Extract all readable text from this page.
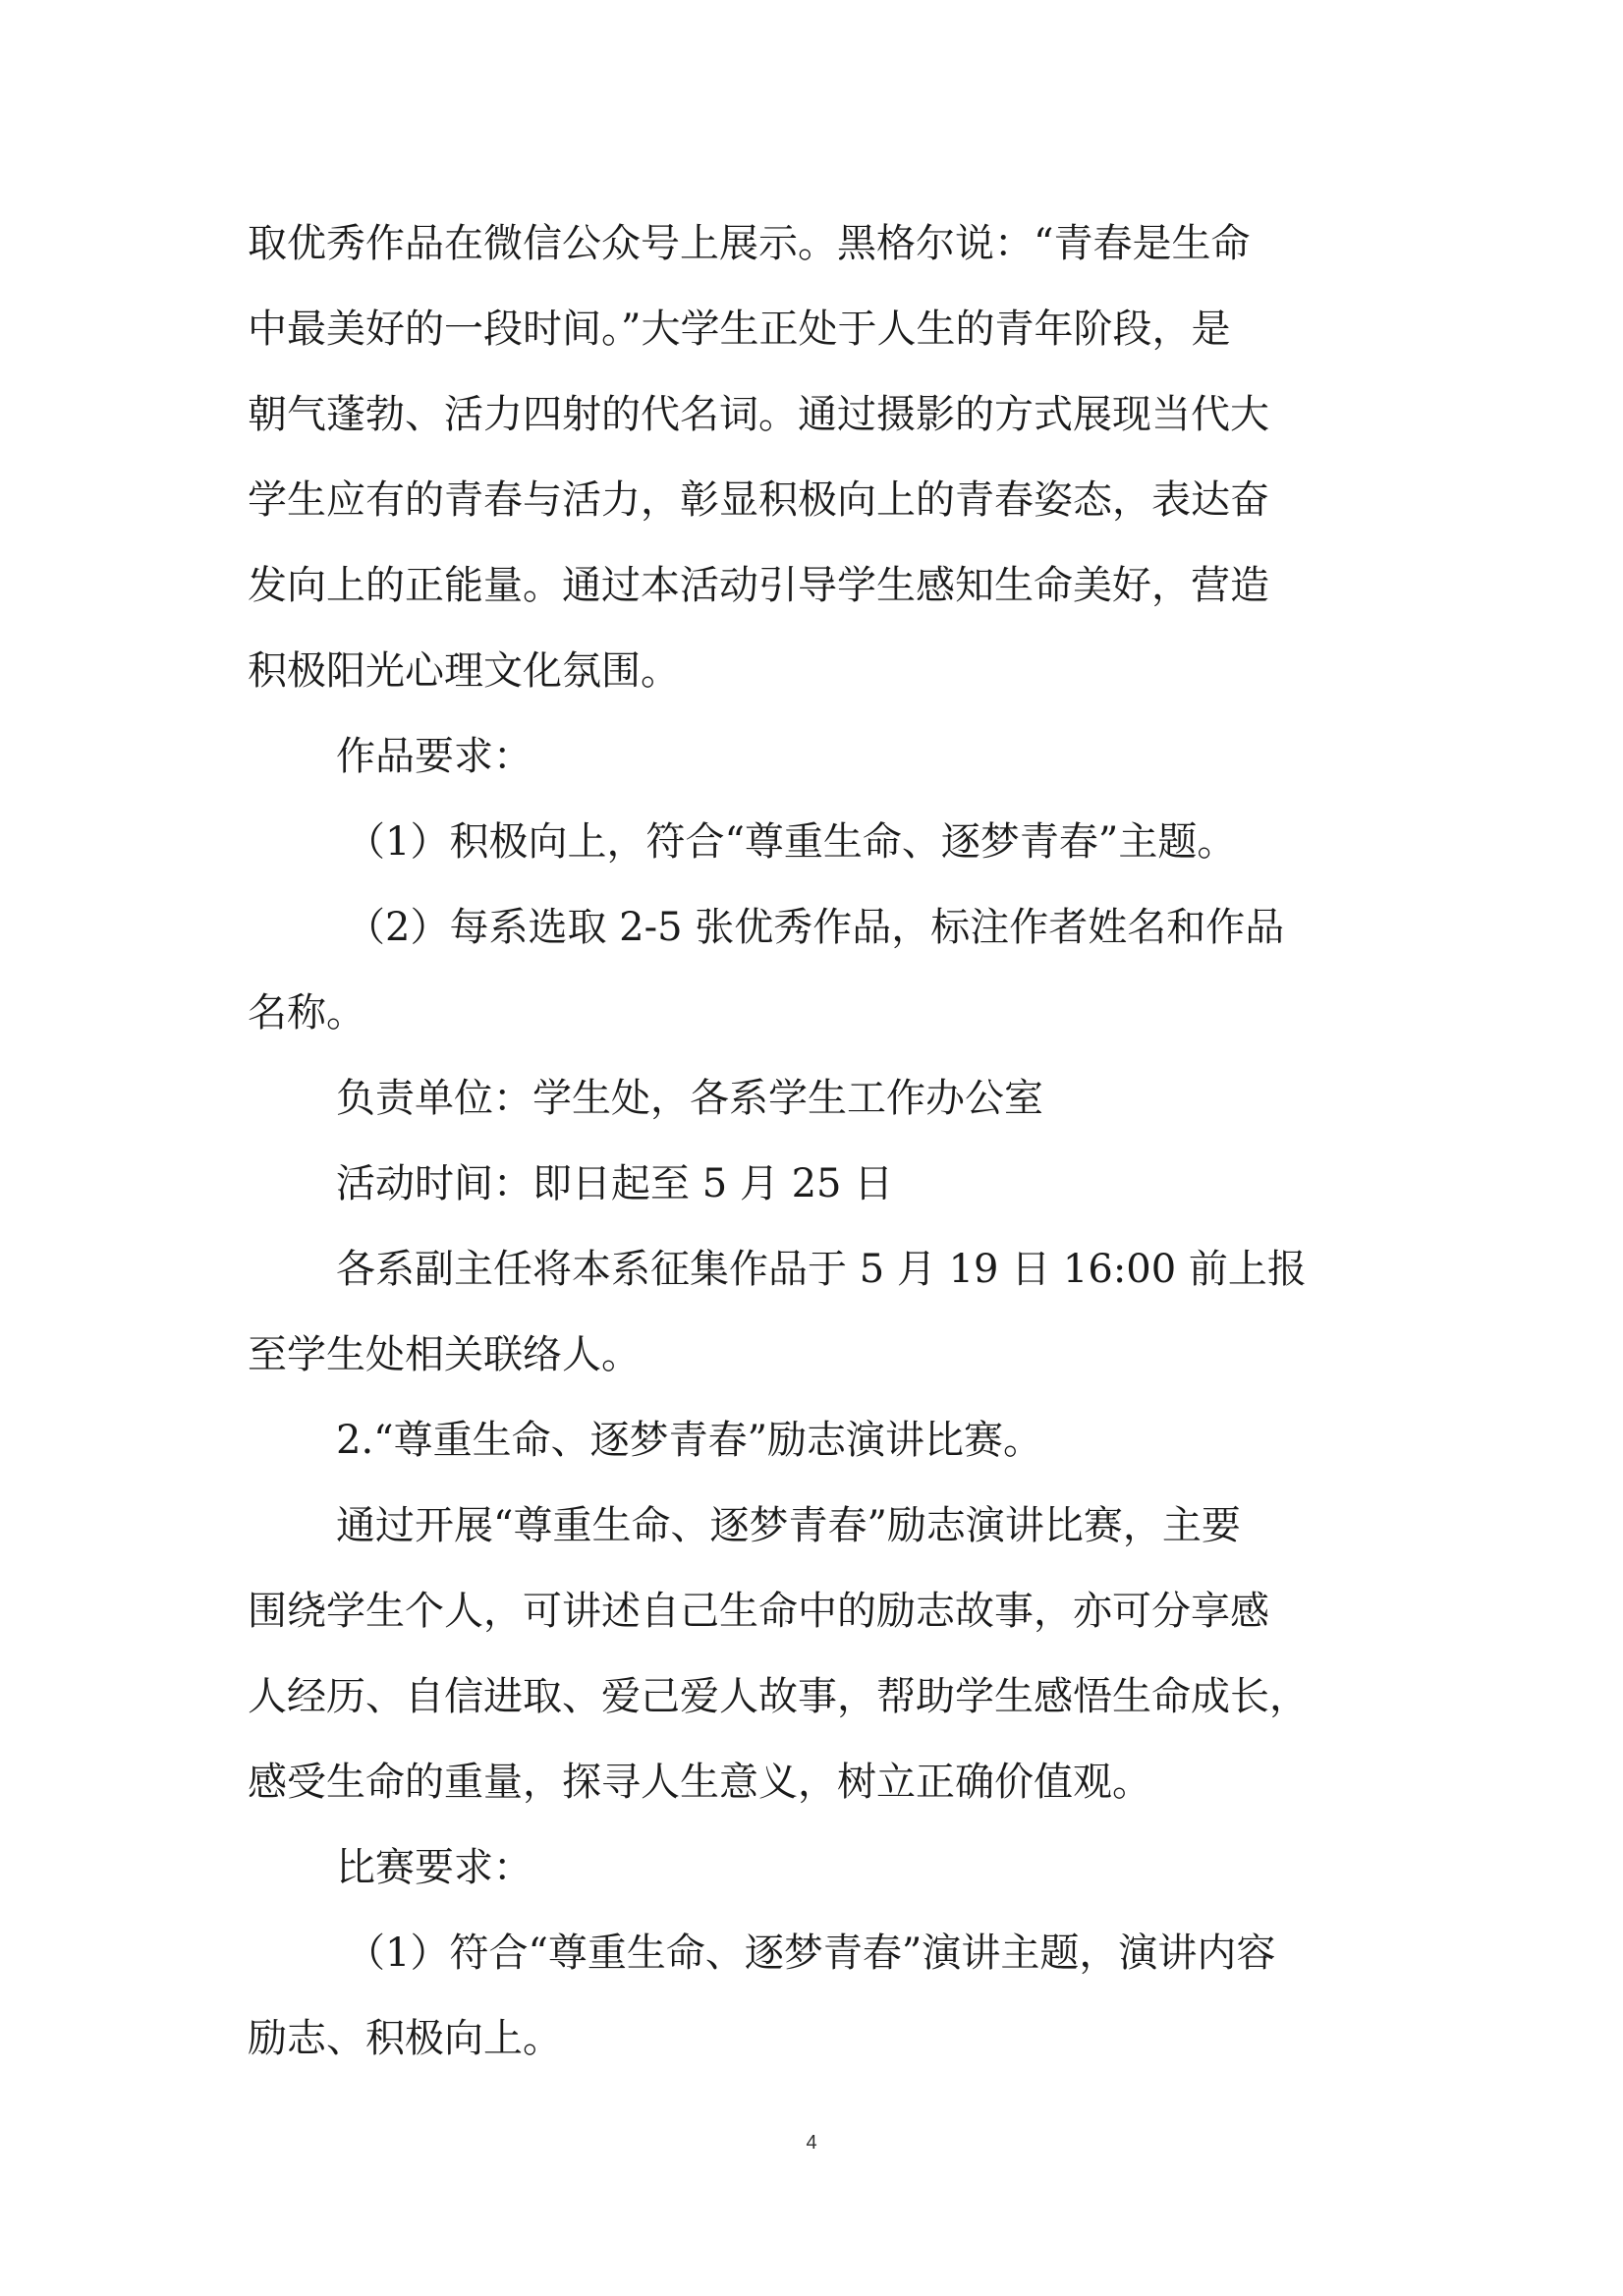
取优秀作品在微信公众号上展示。黑格尔说：“青春是生命
中最美好的一段时间。”大学生正处于人生的青年阶段，是
朝气蓬勃、活力四射的代名词。通过摄影的方式展现当代大
学生应有的青春与活力，彰显积极向上的青春姿态，表达奋
发向上的正能量。通过本活动引导学生感知生命美好，营造
积极阳光心理文化氛围。
作品要求：
（1）积极向上，符合“尊重生命、逐梦青春”主题。
（2）每系选取 2-5 张优秀作品，标注作者姓名和作品
名称。
负责单位：学生处，各系学生工作办公室
活动时间：即日起至 5 月 25 日
各系副主任将本系征集作品于 5 月 19 日 16:00 前上报
至学生处相关联络人。
2.“尊重生命、逐梦青春”励志演讲比赛。
通过开展“尊重生命、逐梦青春”励志演讲比赛，主要
围绕学生个人，可讲述自己生命中的励志故事，亦可分享感
人经历、自信进取、爱己爱人故事，帮助学生感悟生命成长，
感受生命的重量，探寻人生意义，树立正确价值观。
比赛要求：
（1）符合“尊重生命、逐梦青春”演讲主题，演讲内容
励志、积极向上。
4
